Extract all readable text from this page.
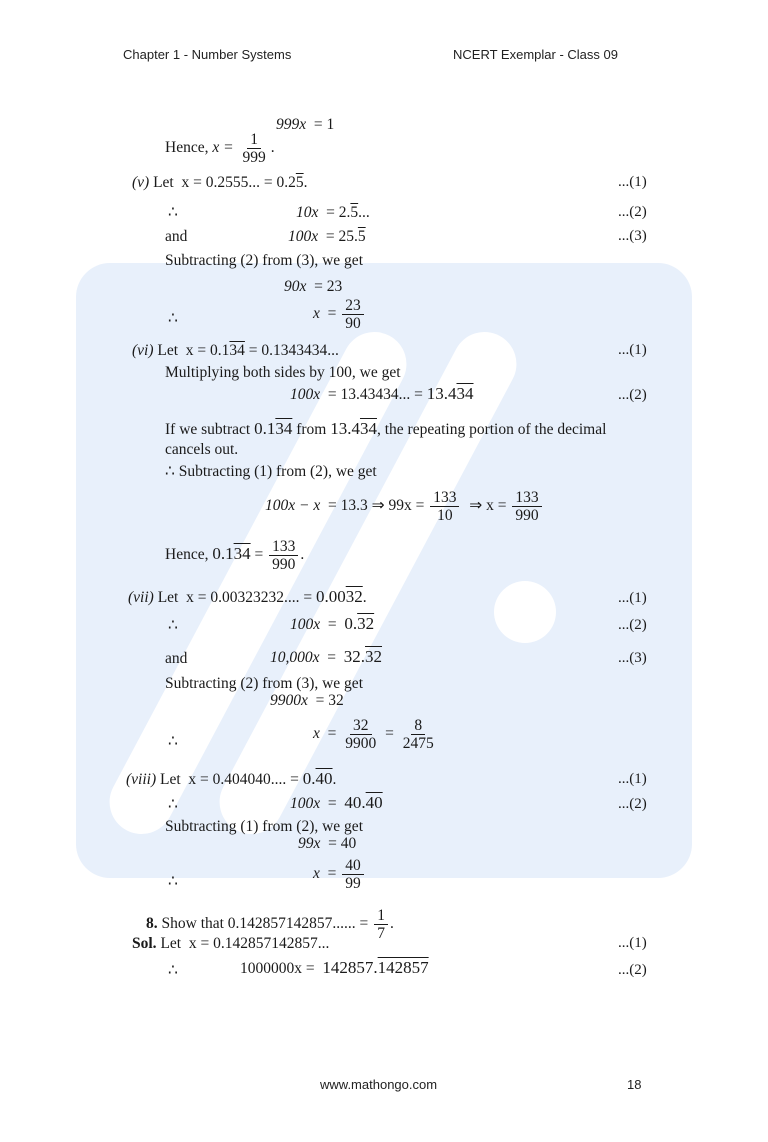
Chapter 1 - Number Systems	NCERT Exemplar - Class 09
999x = 1
Hence, $x = \frac{1}{999}$ .
(v) Let x = 0.2555... = 0.25.	...(1)
∴	10x = 2.5...	...(2)
and	100x = 25.5	...(3)
Subtracting (2) from (3), we get
90x = 23
∴	$x = \frac{23}{90}$
(vi) Let x = 0.134 = 0.1343434...	...(1)
Multiplying both sides by 100, we get
100x = 13.43434... = 13.434	...(2)
If we subtract 0.134 from 13.434, the repeating portion of the decimal
cancels out.
∴ Subtracting (1) from (2), we get
100x − x = 13.3 ⇒ $99x = \frac{133}{10}$ ⇒ $x = \frac{133}{990}$
Hence, $0.134 = \frac{133}{990}$ .
(vii) Let x = 0.00323232.... = 0.0032.	...(1)
∴	100x = 0.32	...(2)
and	10,000x = 32.32	...(3)
Subtracting (2) from (3), we get
9900x = 32
∴	$x = \frac{32}{9900} = \frac{8}{2475}$
(viii) Let x = 0.404040.... = 0.40.	...(1)
∴	100x = 40.40	...(2)
Subtracting (1) from (2), we get
99x = 40
∴	$x = \frac{40}{99}$
8. Show that 0.142857142857...... = $\frac{1}{7}$ .
Sol. Let x = 0.142857142857...	...(1)
∴	1000000x = 142857.142857	...(2)
www.mathongo.com	18
